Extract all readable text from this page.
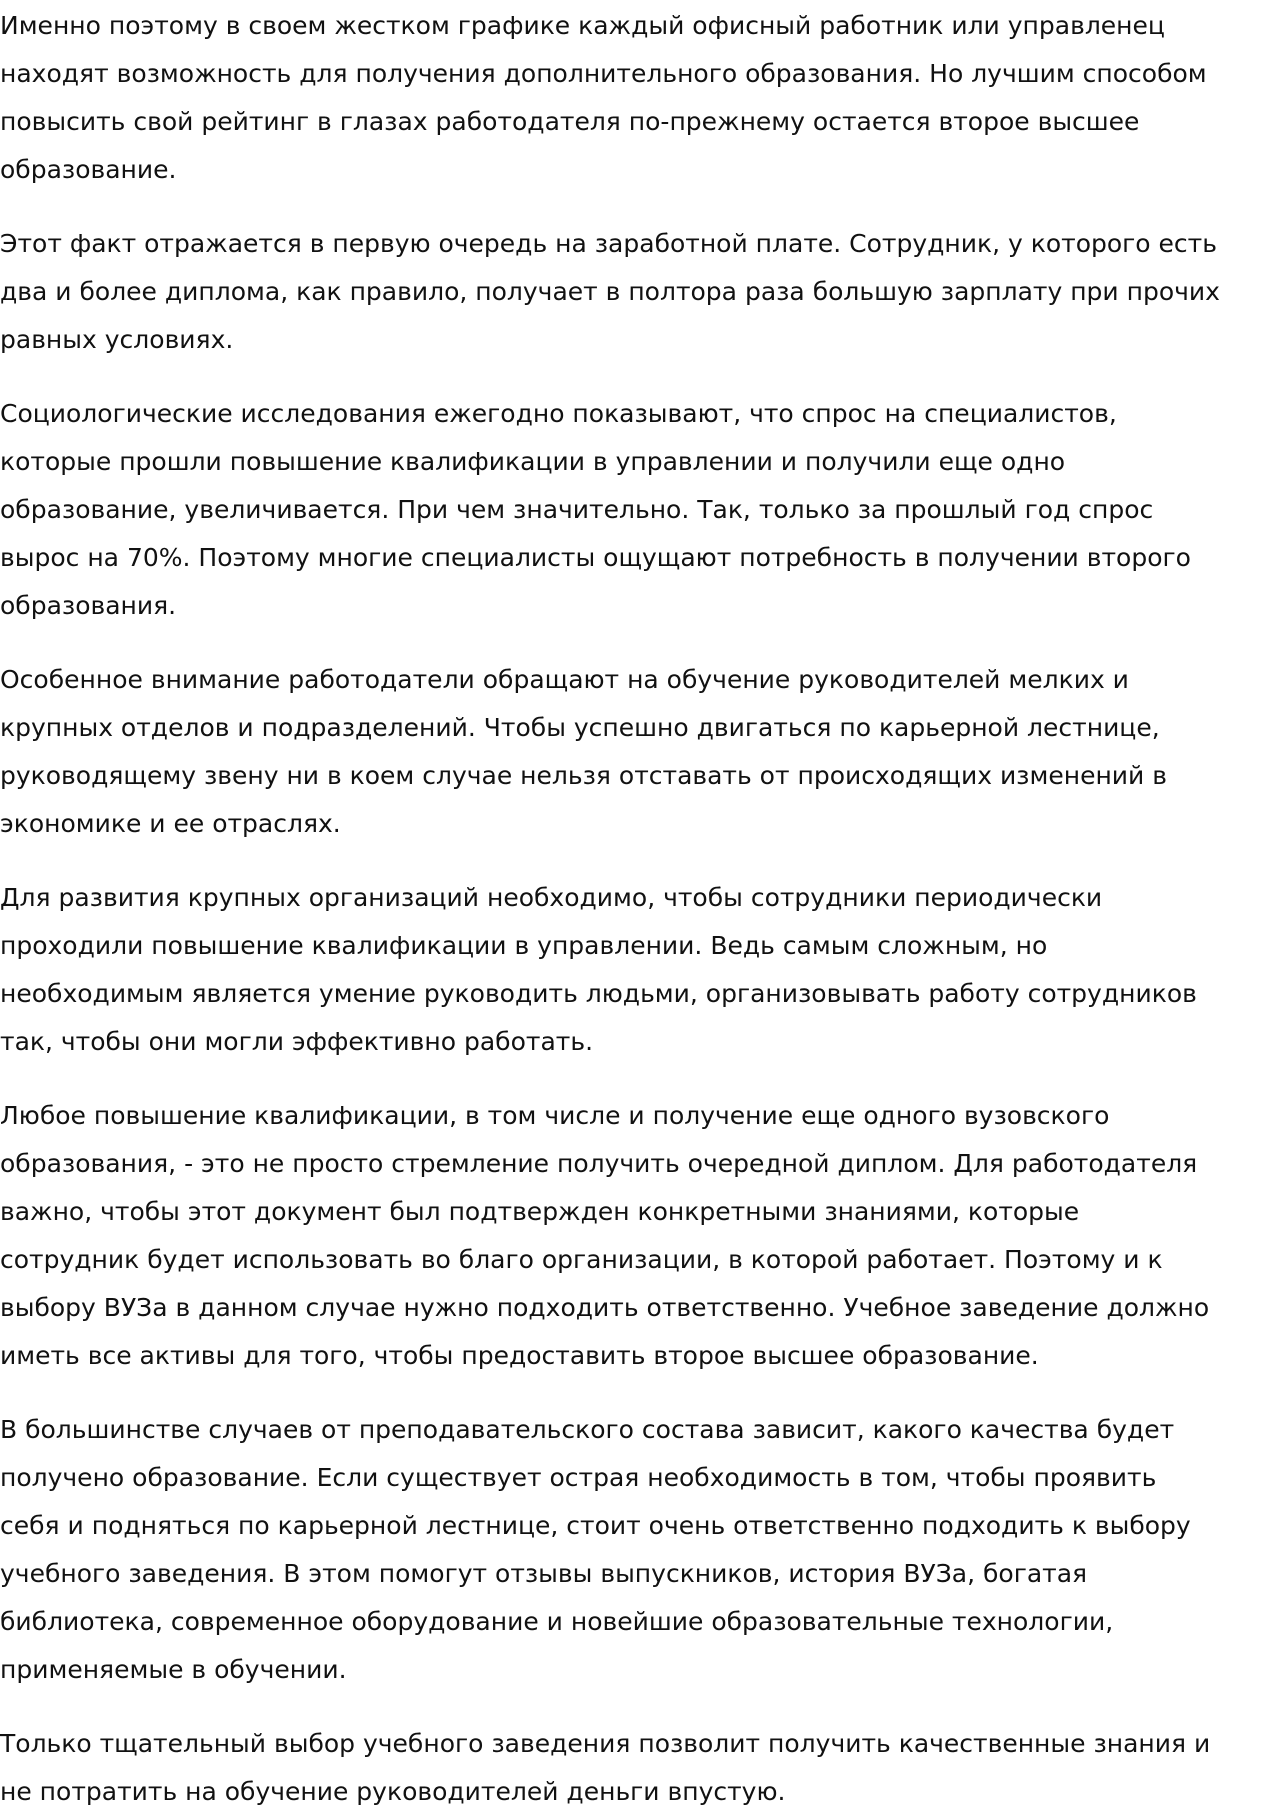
Именно поэтому в своем жестком графике каждый офисный работник или управленец
находят возможность для получения дополнительного образования. Но лучшим способом
повысить свой рейтинг в глазах работодателя по-прежнему остается второе высшее
образование.

Этот факт отражается в первую очередь на заработной плате. Сотрудник, у которого есть
два и более диплома, как правило, получает в полтора раза большую зарплату при прочих
равных условиях.

Социологические исследования ежегодно показывают, что спрос на специалистов,
которые прошли повышение квалификации в управлении и получили еще одно
образование, увеличивается. При чем значительно. Так, только за прошлый год спрос
вырос на 70%. Поэтому многие специалисты ощущают потребность в получении второго
образования.

Особенное внимание работодатели обращают на обучение руководителей мелких и
крупных отделов и подразделений. Чтобы успешно двигаться по карьерной лестнице,
руководящему звену ни в коем случае нельзя отставать от происходящих изменений в
экономике и ее отраслях.

Для развития крупных организаций необходимо, чтобы сотрудники периодически
проходили повышение квалификации в управлении. Ведь самым сложным, но
необходимым является умение руководить людьми, организовывать работу сотрудников
так, чтобы они могли эффективно работать.

Любое повышение квалификации, в том числе и получение еще одного вузовского
образования, - это не просто стремление получить очередной диплом. Для работодателя
важно, чтобы этот документ был подтвержден конкретными знаниями, которые
сотрудник будет использовать во благо организации, в которой работает. Поэтому и к
выбору ВУЗа в данном случае нужно подходить ответственно. Учебное заведение должно
иметь все активы для того, чтобы предоставить второе высшее образование.

В большинстве случаев от преподавательского состава зависит, какого качества будет
получено образование. Если существует острая необходимость в том, чтобы проявить
себя и подняться по карьерной лестнице, стоит очень ответственно подходить к выбору
учебного заведения. В этом помогут отзывы выпускников, история ВУЗа, богатая
библиотека, современное оборудование и новейшие образовательные технологии,
применяемые в обучении.

Только тщательный выбор учебного заведения позволит получить качественные знания и
не потратить на обучение руководителей деньги впустую.
